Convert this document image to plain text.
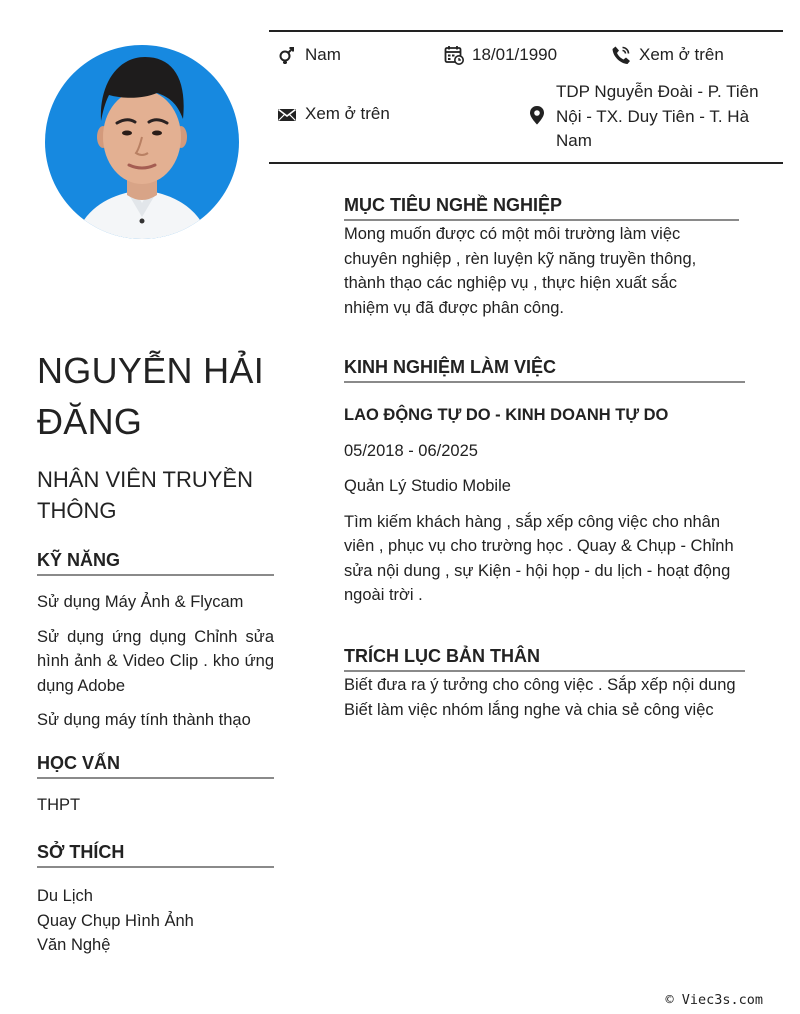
Nam	18/01/1990	Xem ở trên
Xem ở trên
TDP Nguyễn Đoài - P. Tiên Nội - TX. Duy Tiên - T. Hà Nam
NGUYỄN HẢI ĐĂNG
NHÂN VIÊN TRUYỀN THÔNG
KỸ NĂNG
Sử dụng Máy Ảnh & Flycam
Sử dụng ứng dụng Chỉnh sửa hình ảnh & Video Clip . kho ứng dụng Adobe
Sử dụng máy tính thành thạo
HỌC VẤN
THPT
SỞ THÍCH
Du Lịch
Quay Chụp Hình Ảnh
Văn Nghệ
MỤC TIÊU NGHỀ NGHIỆP
Mong muốn được có một môi trường làm việc chuyên nghiệp , rèn luyện kỹ năng truyền thông, thành thạo các nghiệp vụ , thực hiện xuất sắc nhiệm vụ đã được phân công.
KINH NGHIỆM LÀM VIỆC
LAO ĐỘNG TỰ DO - KINH DOANH TỰ DO
05/2018 - 06/2025
Quản Lý Studio Mobile
Tìm kiếm khách hàng , sắp xếp công việc cho nhân viên , phục vụ cho trường học . Quay & Chụp - Chỉnh sửa nội dung , sự Kiện - hội họp - du lịch - hoạt động ngoài trời .
TRÍCH LỤC BẢN THÂN
Biết đưa ra ý tưởng cho công việc . Sắp xếp nội dung
Biết làm việc nhóm lắng nghe và chia sẻ công việc
© Viec3s.com
